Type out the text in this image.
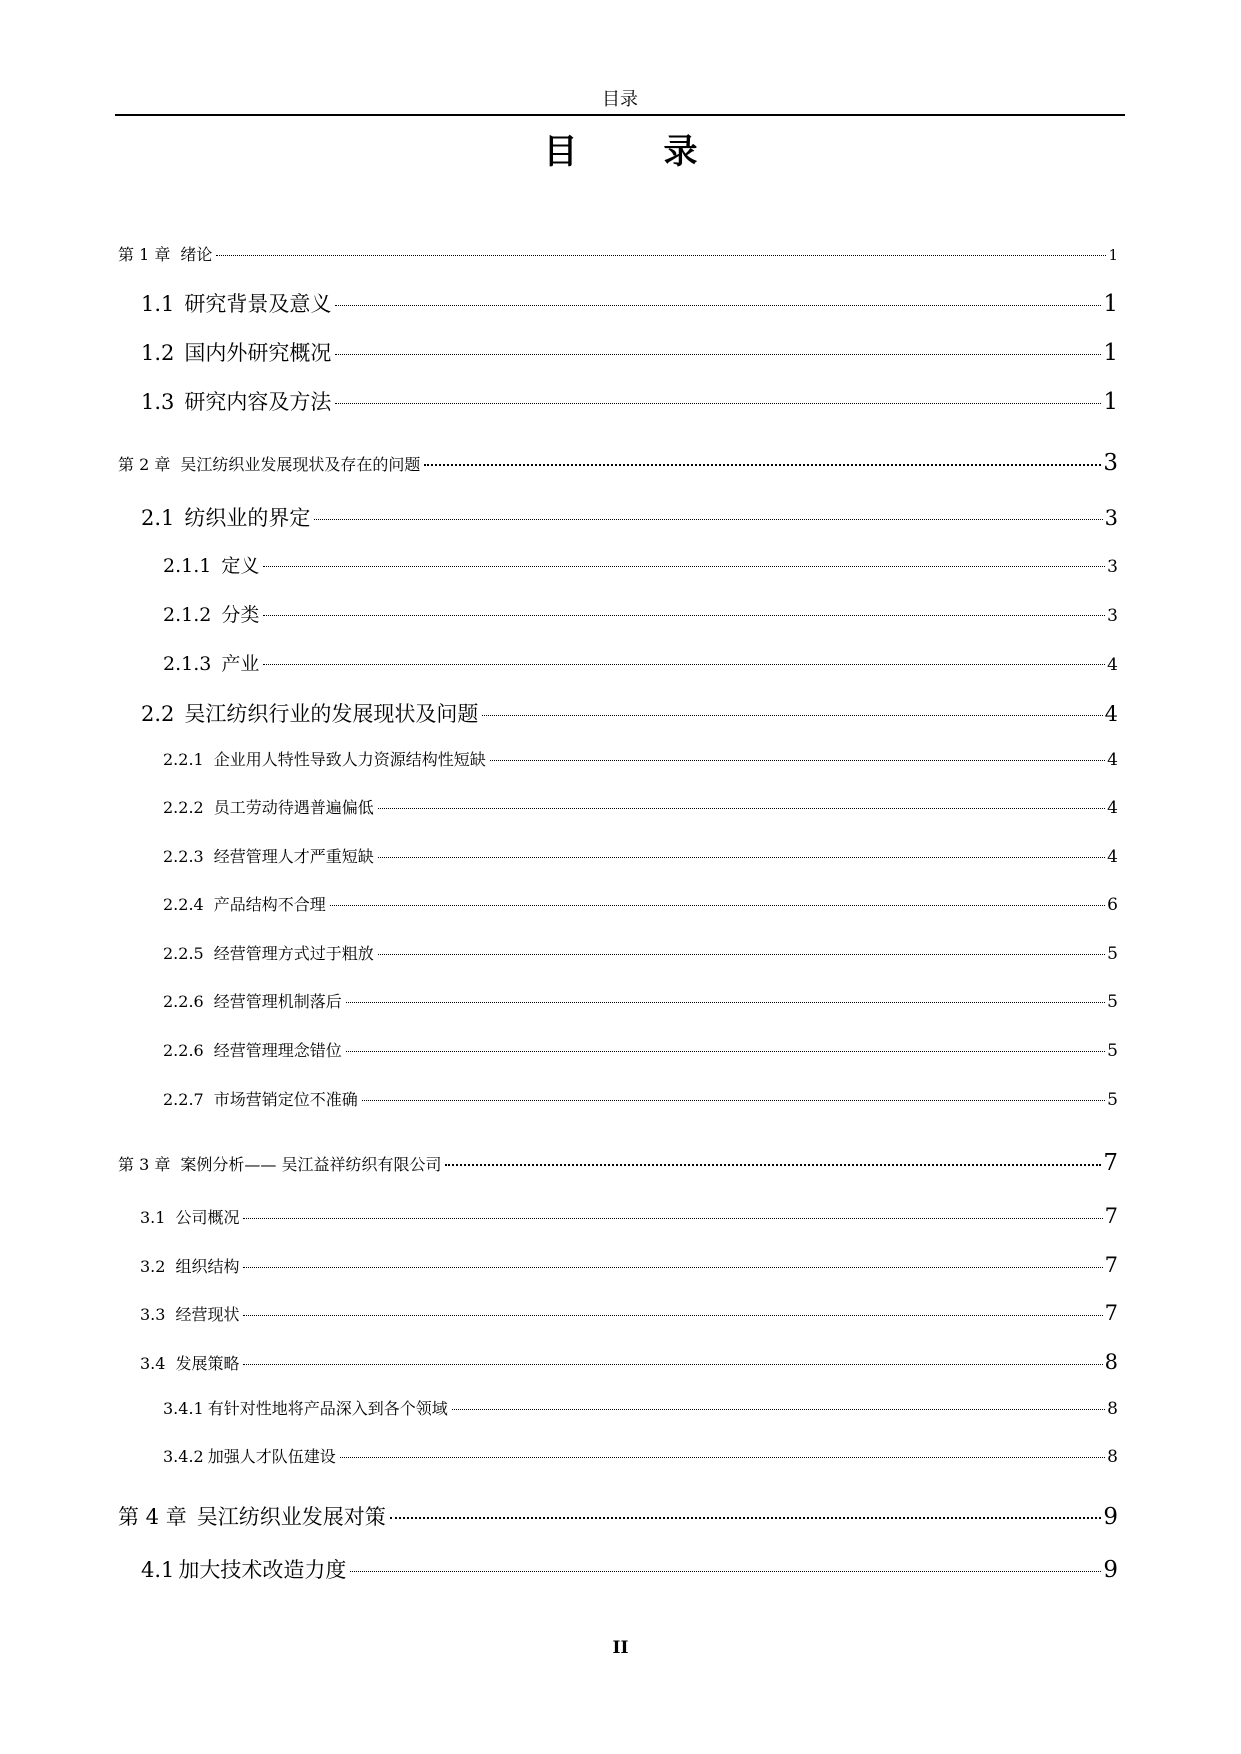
目录
目　录
第 1 章 绪论	1
1.1 研究背景及意义	1
1.2 国内外研究概况	1
1.3 研究内容及方法	1
第 2 章 吴江纺织业发展现状及存在的问题	3
2.1 纺织业的界定	3
2.1.1 定义	3
2.1.2 分类	3
2.1.3 产业	4
2.2 吴江纺织行业的发展现状及问题	4
2.2.1 企业用人特性导致人力资源结构性短缺	4
2.2.2 员工劳动待遇普遍偏低	4
2.2.3 经营管理人才严重短缺	4
2.2.4 产品结构不合理	6
2.2.5 经营管理方式过于粗放	5
2.2.6 经营管理机制落后	5
2.2.6 经营管理理念错位	5
2.2.7 市场营销定位不准确	5
第 3 章 案例分析—— 吴江益祥纺织有限公司	7
3.1 公司概况	7
3.2 组织结构	7
3.3 经营现状	7
3.4 发展策略	8
3.4.1 有针对性地将产品深入到各个领域	8
3.4.2 加强人才队伍建设	8
第 4 章 吴江纺织业发展对策	9
4.1 加大技术改造力度	9
II
